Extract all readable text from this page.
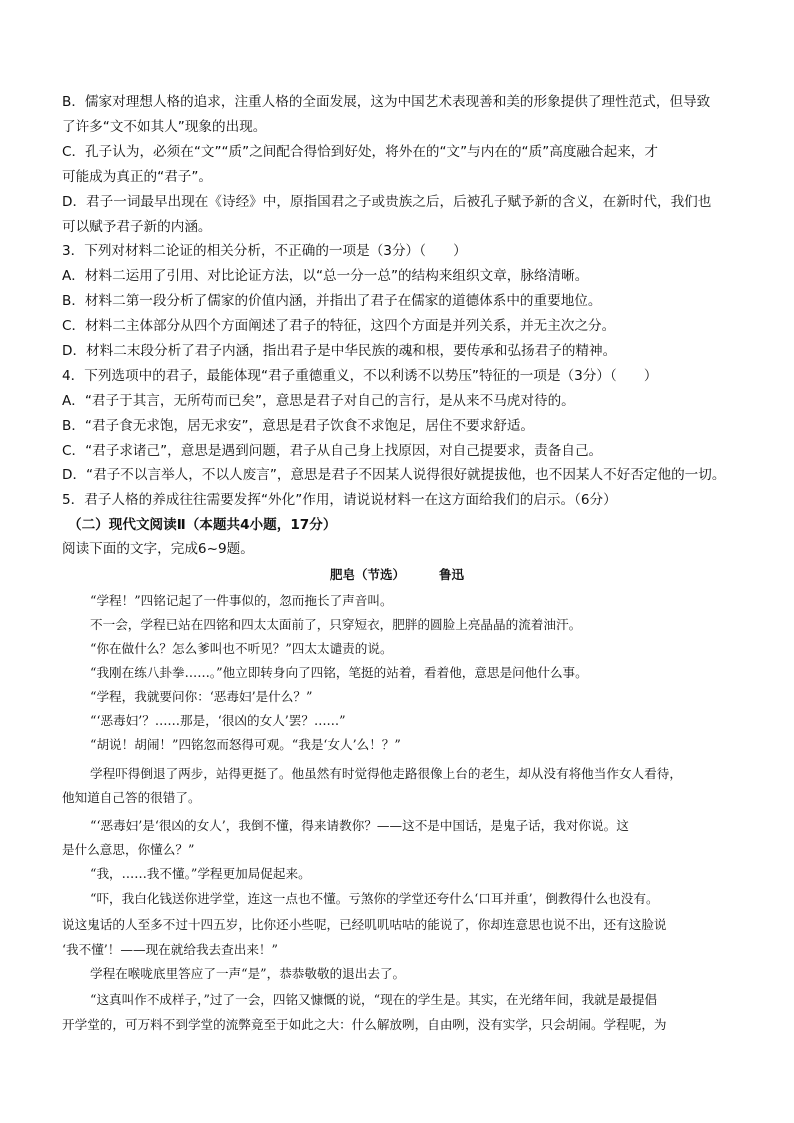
B．儒家对理想人格的追求，注重人格的全面发展，这为中国艺术表现善和美的形象提供了理性范式，但导致
了许多“文不如其人”现象的出现。
C．孔子认为，必须在“文”“质”之间配合得恰到好处，将外在的“文”与内在的“质”高度融合起来，才
可能成为真正的“君子”。
D．君子一词最早出现在《诗经》中，原指国君之子或贵族之后，后被孔子赋予新的含义，在新时代，我们也
可以赋予君子新的内涵。
3．下列对材料二论证的相关分析，不正确的一项是（3分）（　　）
A．材料二运用了引用、对比论证方法，以“总一分一总”的结构来组织文章，脉络清晰。
B．材料二第一段分析了儒家的价值内涵，并指出了君子在儒家的道德体系中的重要地位。
C．材料二主体部分从四个方面阐述了君子的特征，这四个方面是并列关系，并无主次之分。
D．材料二末段分析了君子内涵，指出君子是中华民族的魂和根，要传承和弘扬君子的精神。
4．下列选项中的君子，最能体现“君子重德重义，不以利诱不以势压”特征的一项是（3分）（　　）
A．“君子于其言，无所苟而已矣”，意思是君子对自己的言行，是从来不马虎对待的。
B．“君子食无求饱，居无求安”，意思是君子饮食不求饱足，居住不要求舒适。
C．“君子求诸己”，意思是遇到问题，君子从自己身上找原因，对自己提要求，责备自己。
D．“君子不以言举人，不以人废言”，意思是君子不因某人说得很好就提拔他，也不因某人不好否定他的一切。
5．君子人格的养成往往需要发挥“外化”作用，请说说材料一在这方面给我们的启示。（6分）
（二）现代文阅读Ⅱ（本题共4小题，17分）
阅读下面的文字，完成6~9题。
肥皂（节选）	鲁迅
“学程！”四铭记起了一件事似的，忽而拖长了声音叫。
不一会，学程已站在四铭和四太太面前了，只穿短衣，肥胖的圆脸上亮晶晶的流着油汗。
“你在做什么？怎么爹叫也不听见？”四太太谴责的说。
“我刚在练八卦拳……。”他立即转身向了四铭，笔挺的站着，看着他，意思是问他什么事。
“学程，我就要问你：‘恶毒妇’是什么？”
“‘恶毒妇’？……那是，‘很凶的女人’罢？……”
“胡说！胡闹！”四铭忽而怒得可观。“我是‘女人’么！？”
学程吓得倒退了两步，站得更挺了。他虽然有时觉得他走路很像上台的老生，却从没有将他当作女人看待，
他知道自己答的很错了。
“‘恶毒妇’是‘很凶的女人’，我倒不懂，得来请教你？——这不是中国话，是鬼子话，我对你说。这
是什么意思，你懂么？”
“我，……我不懂。”学程更加局促起来。
“吓，我白化钱送你进学堂，连这一点也不懂。亏煞你的学堂还夸什么‘口耳并重’，倒教得什么也没有。
说这鬼话的人至多不过十四五岁，比你还小些呢，已经叽叽咕咕的能说了，你却连意思也说不出，还有这脸说
‘我不懂’！——现在就给我去查出来！”
学程在喉咙底里答应了一声“是”，恭恭敬敬的退出去了。
“这真叫作不成样子，”过了一会，四铭又慷慨的说，“现在的学生是。其实，在光绪年间，我就是最提倡
开学堂的，可万料不到学堂的流弊竟至于如此之大：什么解放咧，自由咧，没有实学，只会胡闹。学程呢，为
